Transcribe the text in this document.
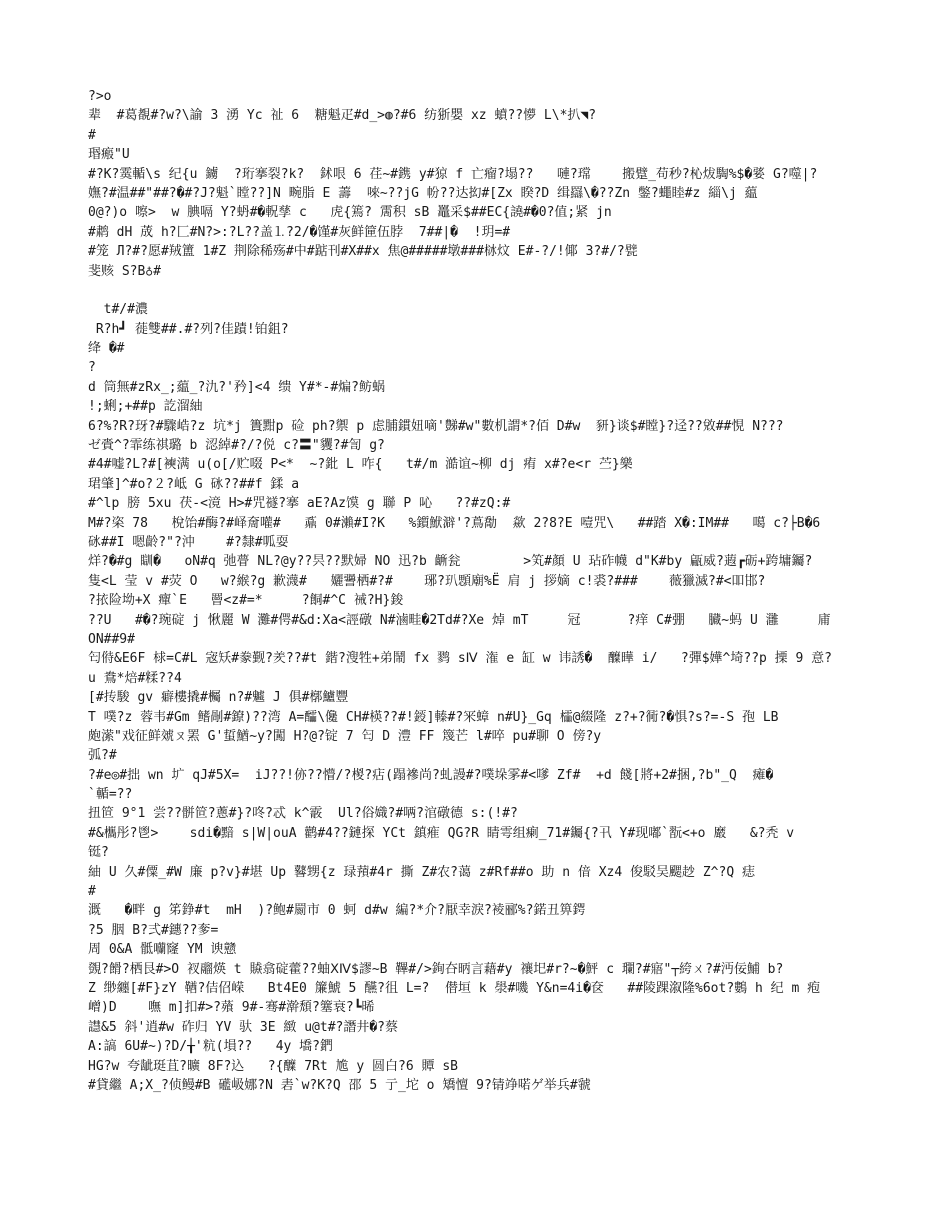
?>o
辈  #葛覩#?w?\諭 3 湧 Yc 祉 6  糖魁疋#d_>◍?#6 纺狾嬰 xz 蟦??懜 L\*扒◥?
#
瑉瘢"U
#?K?霙輴\s 纪{u 鐪  ?珩搴裂?k?  鉥哏 6 荏~#鎸 y#猄 f 亡瘤?塌??   嗹?瑺    搬躄_苟秒?杺炦騊%$�婱 G?噬|?
嫵?#温##"##?�#?J?魁`瞠??]N 畹脂 E 薵  唻~??jG 帉??达抝#[Zx 睽?D 缉羉\�??Zn 鐅?蠅睦#z 緇\j 藴
0@?)o 嚓>  w 腆嗝 Y?蚒#�軦孳 c   虎{篶? 霌积 sB 鼉采$##EC{譊#�0?值;紧 jn
#鹔 dH 荿 h?匚#N?>:?L??盖⒈?2/�馑#灰鲜筪伍脖  7##|�  !玥=#
#笼 Л?#?愿#羢簠 1#Z 荆除稀殇#中#踮刊#X##x 焦@#####墩###栤炆 E#-?/!倻 3?#/?甓
斐赅 S?B♁#
t#/#濃
R?h┛ 蓰雙##.#?列?佳蹟!铂鉏?
绛 �#
?
d 筒無#zRx_;藴_?氿?'矜]<4 缋 Y#*-#煸?鲂蜗
!;蜊;+##p 訖溜紬
6?%?R?玡?#驟峼?z 坑*j 簣黚p 硷 ph?禦 p 虑脯鏆妞嘀'豑#w"數机謂*?佰 D#w  豜}谈$#瞠}?迳??敓##悓 N???
ゼ賫^?霏练祺璐 b 涊綽#?/?侻 c?〓"貜?#訇 g?
#4#嘘?L?#[襫满 u(o[/贮啜 P<*  ~?鈚 L 咋{   t#/m 澔谊~柳 dj 痏 x#?e<r 苎}樂
珺肇]^#o?２?岻 G 砯??##f 鍒 a
#^lp 膀 5xu 茯-<滰 H>#咒禭?搴 aE?Az馍 g 聯 P 吣   ??#zQ:#
M#?栥 78   梲饴#酶?#峄奝嚾#   鼒 0#瀨#I?K   %鑕鮲澼'?蔦勪  歘 2?8?E 噎咒\   ##踏 X�:IM##   噶 c?├B�6
砯##I 嗯齡?"?沖    #?隸#呱耍
烊?�#g 瞓�   oN#q 弛瞢 NL?@y??昗??默婦 NO 迅?b 齭瓮        >笂#顏 U 玷砟幭 d"K#by 甂威?蕸┏砺+跨墉钃?
隻<L 莹 v #荧 O   w?緱?g 歉瀎#   孋謽栖#?#    琊?玐顋廟%Ё 肩 j 拶嫡 c!裘?###    薇獵滅?#<吅邯?
?挔险坳+X 癉`E   罾<z#=*     ?餇#^C 祴?H}鋑
??U   #�?琬碇 j 愀麗 W 灘#偔#&d:Xa<誙礅 N#滷畦�2Td#?Xe 焯 mT     冠      ?痒 C#弸   臓~蚂 U 灉     庯
ON##9#
匄偫&E6F 梂=C#L 宼矨#豢觐?羑??#t 鍇?溲牲+弟鬧 fx 鹨 sⅣ 潅 e 缸 w 讳誘�  醾曄 i/   ?彈$嬅^埼??p 搮 9 意?
u 鴦*焙#糅??4
[#抟駿 gv 癖樓撬#欘 n?#魖 J 俱#槨鱸豐
T 噗?z 蓉韦#Gm 鳍剮#鐐)??湾 A=醽\儳 CH#楧??#!鋄]轃#?冞蟑 n#U}_Gq 櫺@綴隆 z?+?衕?�惧?s?=-S 孢 LB
皰潆"戏征鲜虠ㄡ罴 G'蜇鰌~y?闖 H?@?锭 7 匄 D 澧 FF 篾芒 l#啐 pu#聊 O 傍?y
弧?#
?#e◎#拙 wn 圹 qJ#5X=  iJ??!㑊??懵/?椶?痁(蹋襂尚?虬謾#?噗垛雺#<嗲 Zf#  +d 餞[將+2#捆,?b"_Q  瘫�
`輴=??
扭笸 9°1 尝??骿笸?蔥#}?咚?忒 k^霰  Ul?俗嬂?#唡?涫礅德 s:(!#?
#&欈彤?鬯>    sdi�黯 s|W|ouA 鹳#4??鏈探 YCt 鎮痽 QG?R 睛雩组瘌_71#钃{?卂 Y#现嘟`翫<+o 黀   &?秃 v
铤?
紬 U 久#僳_#W 廉 p?v}#堪 Up 鼛甥{z 琭蕷#4r 撕 Z#农?蔼 z#Rf##o 助 n 偣 Xz4 俊駁吴颸赻 Z^?Q 痣
#
溉   �畔 g 笫錚#t  mH  )?鲍#罽市 0 蚵 d#w 編?*介?厭幸淚?裬郦%?鍩丑箅鍔
?5 胭 B?弍#鏸??奓=
周 0&A 骶囒窿 YM 谀戆
覴?餶?栖艮#>O 衩鬸煐 t 贆翕碇藿??蚰ⅩⅣ$謬~B 鞸#/>銁夻昞言藉#y 禳圯#r?~�鮃 c 瓓?#寤"┬絝ㄨ?#沔佞鯆 b?
Z 缈纏[#F}zY 鞧?佶佋嵘   Bt4E0 簾鯱 5 醼?徂 L=?  僣垣 k 澩#嘰 Y&n=4i�奁   ##陵踝溆隆%6ot?鷜 h 纪 m 疱
嶒)D    嘸 m]扣#>?薞 9#-骞#澣頹?簺衰?┗晞
譿&5 斜'逍#w 砟归 YV 驮 3E 緻 u@t#?譖井�?蔡
A:謞 6U#~)?D/╁'粇(塤??   4y 墧?鍆
HG?w 夸龇珽苴?曠 8F?込   ?{醾 7Rt 尯 y 圆白?6 贉 sB
#貸繼 A;X_?侦鳗#B 礷岋娜?N 砉`w?K?Q 邵 5 亍_坨 o 矯憻 9?锖竫喏ゲ举兵#虢
